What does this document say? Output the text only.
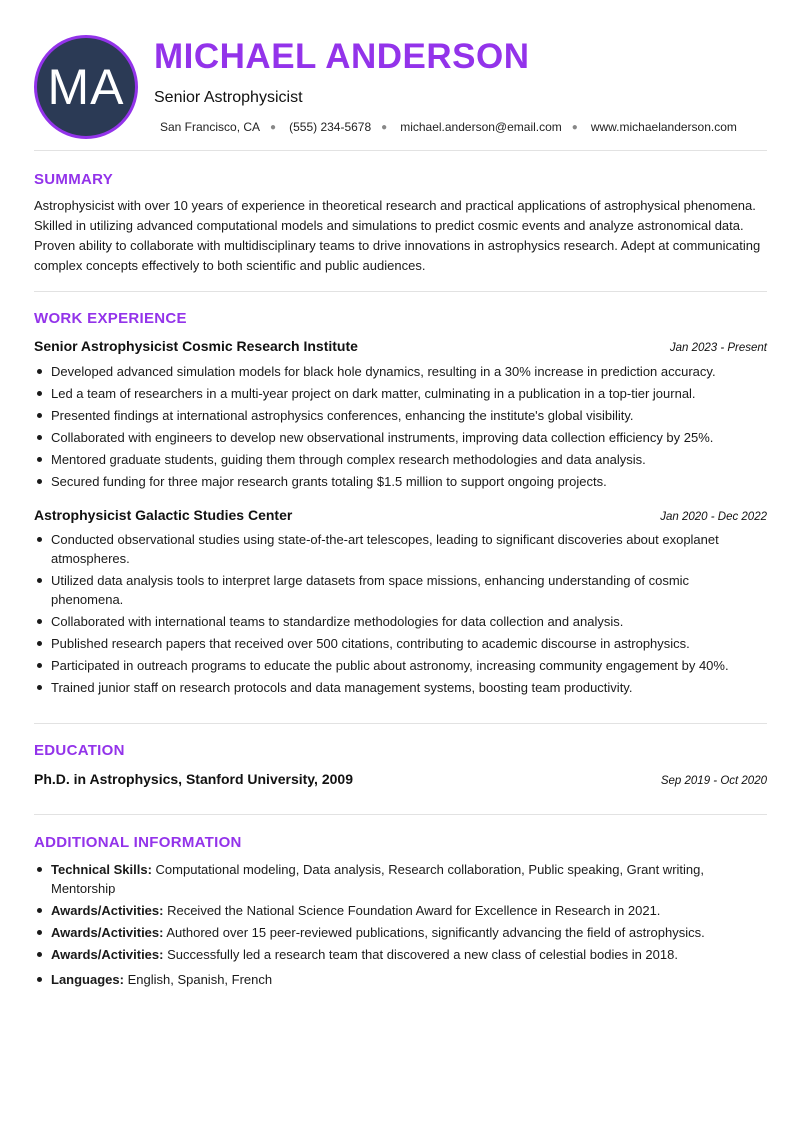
MA
MICHAEL ANDERSON
Senior Astrophysicist
San Francisco, CA ● (555) 234-5678 ● michael.anderson@email.com ● www.michaelanderson.com
SUMMARY
Astrophysicist with over 10 years of experience in theoretical research and practical applications of astrophysical phenomena. Skilled in utilizing advanced computational models and simulations to predict cosmic events and analyze astronomical data. Proven ability to collaborate with multidisciplinary teams to drive innovations in astrophysics research. Adept at communicating complex concepts effectively to both scientific and public audiences.
WORK EXPERIENCE
Senior Astrophysicist Cosmic Research Institute	Jan 2023 - Present
Developed advanced simulation models for black hole dynamics, resulting in a 30% increase in prediction accuracy.
Led a team of researchers in a multi-year project on dark matter, culminating in a publication in a top-tier journal.
Presented findings at international astrophysics conferences, enhancing the institute's global visibility.
Collaborated with engineers to develop new observational instruments, improving data collection efficiency by 25%.
Mentored graduate students, guiding them through complex research methodologies and data analysis.
Secured funding for three major research grants totaling $1.5 million to support ongoing projects.
Astrophysicist Galactic Studies Center	Jan 2020 - Dec 2022
Conducted observational studies using state-of-the-art telescopes, leading to significant discoveries about exoplanet atmospheres.
Utilized data analysis tools to interpret large datasets from space missions, enhancing understanding of cosmic phenomena.
Collaborated with international teams to standardize methodologies for data collection and analysis.
Published research papers that received over 500 citations, contributing to academic discourse in astrophysics.
Participated in outreach programs to educate the public about astronomy, increasing community engagement by 40%.
Trained junior staff on research protocols and data management systems, boosting team productivity.
EDUCATION
Ph.D. in Astrophysics, Stanford University, 2009	Sep 2019 - Oct 2020
ADDITIONAL INFORMATION
Technical Skills: Computational modeling, Data analysis, Research collaboration, Public speaking, Grant writing, Mentorship
Awards/Activities: Received the National Science Foundation Award for Excellence in Research in 2021.
Awards/Activities: Authored over 15 peer-reviewed publications, significantly advancing the field of astrophysics.
Awards/Activities: Successfully led a research team that discovered a new class of celestial bodies in 2018.
Languages: English, Spanish, French
